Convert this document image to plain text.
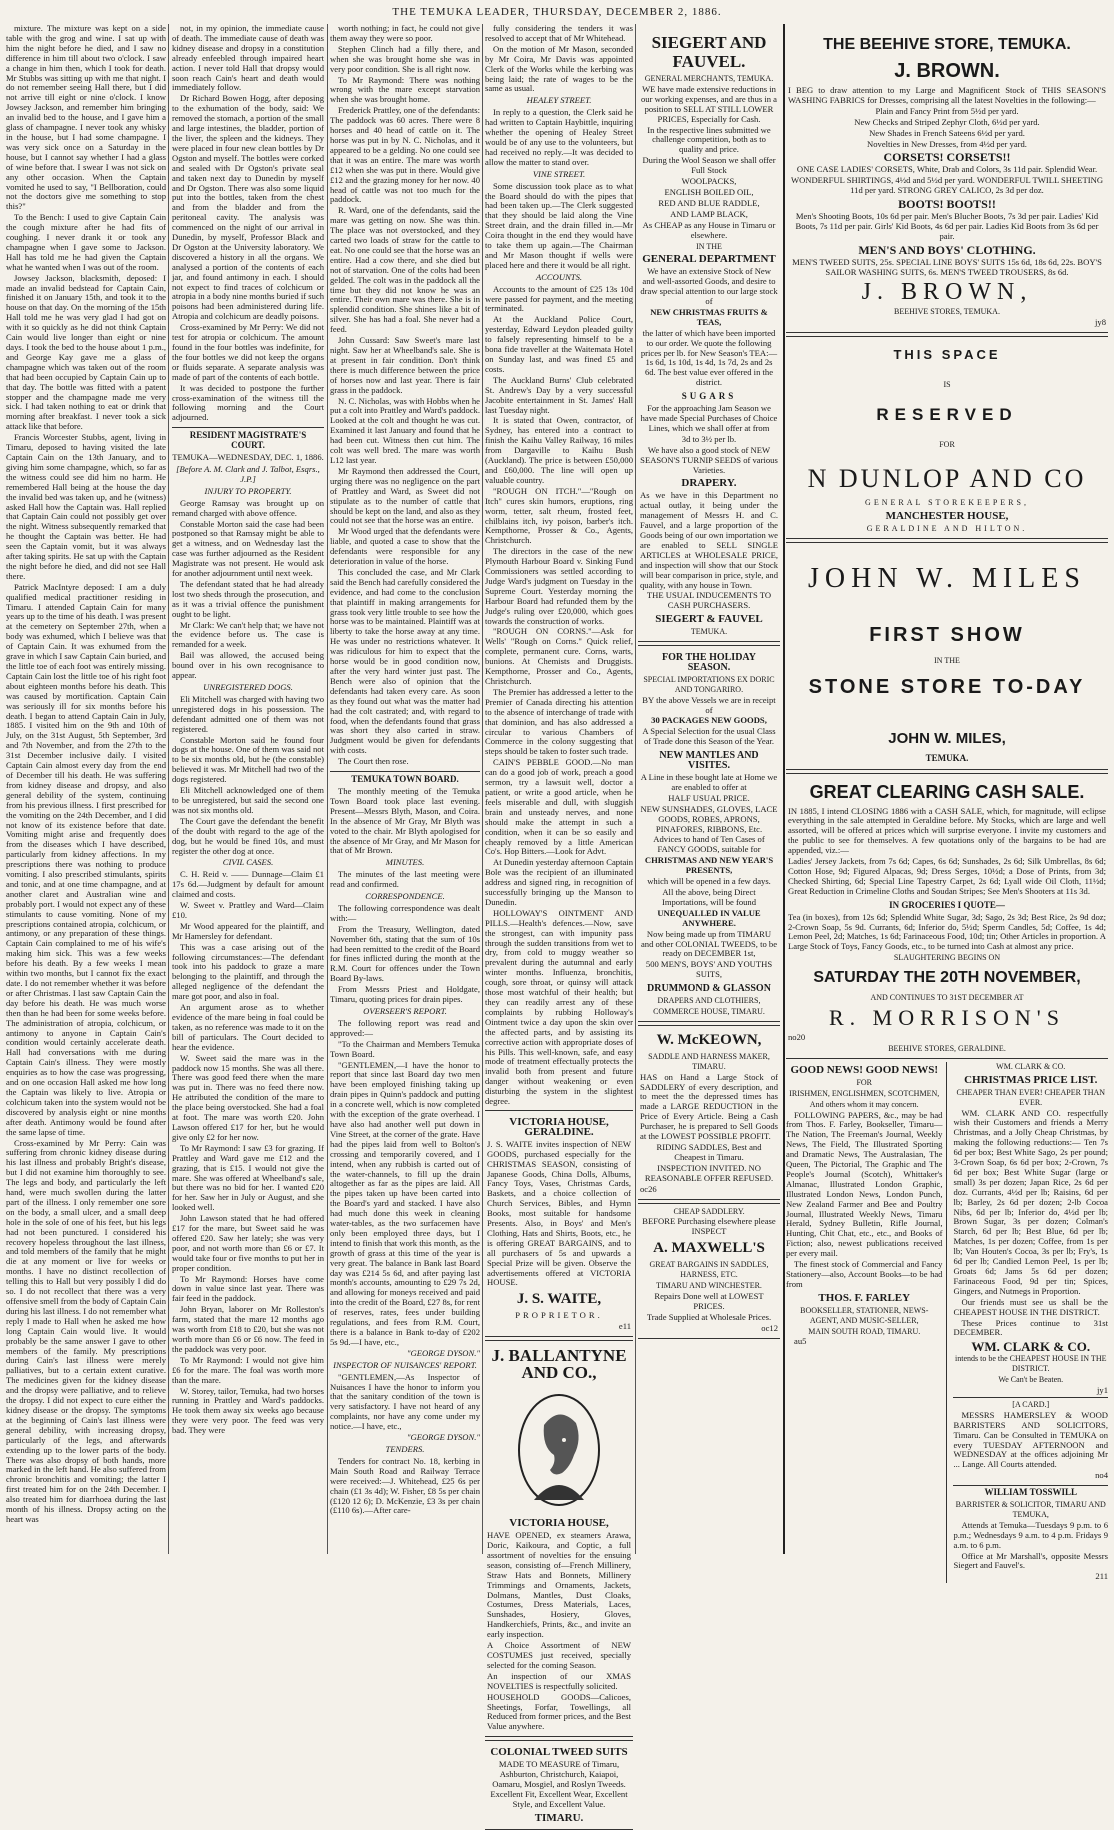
THE TEMUKA LEADER, THURSDAY, DECEMBER 2, 1886.

mixture. The mixture was kept on a side table with the grog and wine. I sat up with him the night before he died, and I saw no difference in him till about two o'clock. I saw a change in him then, which I took for death. Mr Stubbs was sitting up with me that night. I do not remember seeing Hall there, but I did not arrive till eight or nine o'clock. I know Jowsey Jackson, and remember him bringing an invalid bed to the house, and I gave him a glass of champagne. I never took any whisky in the house, but I had some champagne. I was very sick once on a Saturday in the house, but I cannot say whether I had a glass of wine before that. I swear I was not sick on any other occasion. When the Captain vomited he used to say, "I Bellboration, could not the doctors give me something to stop this?"

To the Bench: I used to give Captain Cain the cough mixture after he had fits of coughing. I never drank it or took any champagne when I gave some to Jackson. Hall has told me he had given the Captain what he wanted when I was out of the room.

Jowsey Jackson, blacksmith, deposed: I made an invalid bedstead for Captain Cain, finished it on January 15th, and took it to the house on that day. On the morning of the 15th Hall told me he was very glad I had got on with it so quickly as he did not think Captain Cain would live longer than eight or nine days. I took the bed to the house about 1 p.m., and George Kay gave me a glass of champagne which was taken out of the room that had been occupied by Captain Cain up to that day. The bottle was fitted with a patent stopper and the champagne made me very sick. I had taken nothing to eat or drink that morning after breakfast. I never took a sick attack like that before.

Francis Worcester Stubbs, agent, living in Timaru, deposed to having visited the late Captain Cain on the 13th January, and to giving him some champagne, which, so far as the witness could see did him no harm. He remembered Hall being at the house the day the invalid bed was taken up, and he (witness) asked Hall how the Captain was. Hall replied that Captain Cain could not possibly get over the night. Witness subsequently remarked that he thought the Captain was better. He had seen the Captain vomit, but it was always after taking spirits. He sat up with the Captain the night before he died, and did not see Hall there.

Patrick MacIntyre deposed: I am a duly qualified medical practitioner residing in Timaru. I attended Captain Cain for many years up to the time of his death. I was present at the cemetery on September 27th, when a body was exhumed, which I believe was that of Captain Cain. It was exhumed from the grave in which I saw Captain Cain buried, and the little toe of each foot was entirely missing. Captain Cain lost the little toe of his right foot about eighteen months before his death. This was caused by mortification. Captain Cain was seriously ill for six months before his death. I began to attend Captain Cain in July, 1885. I visited him on the 9th and 10th of July, on the 31st August, 5th September, 3rd and 7th November, and from the 27th to the 31st December inclusive daily. I visited Captain Cain almost every day from the end of December till his death. He was suffering from kidney disease and dropsy, and also general debility of the system, continuing from his previous illness. I first prescribed for the vomiting on the 24th December, and I did not know of its existence before that date. Vomiting might arise and frequently does from the diseases which I have described, particularly from kidney affections. In my prescriptions there was nothing to produce vomiting. I also prescribed stimulants, spirits and tonic, and at one time champagne, and at another claret and Australian wine and probably port. I would not expect any of these stimulants to cause vomiting. None of my prescriptions contained atropia, colchicum, or antimony, or any preparation of these things. Captain Cain complained to me of his wife's making him sick. This was a few weeks before his death. By a few weeks I mean within two months, but I cannot fix the exact date. I do not remember whether it was before or after Christmas. I last saw Captain Cain the day before his death. He was much worse then than he had been for some weeks before. The administration of atropia, colchicum, or antimony to anyone in Captain Cain's condition would certainly accelerate death. Hall had conversations with me during Captain Cain's illness. They were mostly enquiries as to how the case was progressing, and on one occasion Hall asked me how long the Captain was likely to live. Atropia or colchicum taken into the system would not be discovered by analysis eight or nine months after death. Antimony would be found after the same lapse of time.

Cross-examined by Mr Perry: Cain was suffering from chronic kidney disease during his last illness and probably Bright's disease, but I did not examine him thoroughly to see. The legs and body, and particularly the left hand, were much swollen during the latter part of the illness. I only remember one sore on the body, a small ulcer, and a small deep hole in the sole of one of his feet, but his legs had not been punctured. I considered his recovery hopeless throughout the last illness, and told members of the family that he might die at any moment or live for weeks or months. I have no distinct recollection of telling this to Hall but very possibly I did do so. I do not recollect that there was a very offensive smell from the body of Captain Cain during his last illness. I do not remember what reply I made to Hall when he asked me how long Captain Cain would live. It would probably be the same answer I gave to other members of the family. My prescriptions during Cain's last illness were merely palliatives, but to a certain extent curative. The medicines given for the kidney disease and the dropsy were palliative, and to relieve the dropsy. I did not expect to cure either the kidney disease or the dropsy. The symptoms at the beginning of Cain's last illness were general debility, with increasing dropsy, particularly of the legs, and afterwards extending up to the lower parts of the body. There was also dropsy of both hands, more marked in the left hand. He also suffered from chronic bronchitis and vomiting; the latter I first treated him for on the 24th December. I also treated him for diarrhoea during the last month of his illness. Dropsy acting on the heart was

not, in my opinion, the immediate cause of death. The immediate cause of death was kidney disease and dropsy in a constitution already enfeebled through impaired heart action. I never told Hall that dropsy would soon reach Cain's heart and death would immediately follow.

Dr Richard Bowen Hogg, after deposing to the exhumation of the body, said: We removed the stomach, a portion of the small and large intestines, the bladder, portion of the liver, the spleen and the kidneys. They were placed in four new clean bottles by Dr Ogston and myself. The bottles were corked and sealed with Dr Ogston's private seal and taken next day to Dunedin by myself and Dr Ogston. There was also some liquid put into the bottles, taken from the chest and from the bladder and from the peritoneal cavity. The analysis was commenced on the night of our arrival in Dunedin, by myself, Professor Black and Dr Ogston at the University laboratory. We discovered a history in all the organs. We analysed a portion of the contents of each jar, and found antimony in each. I should not expect to find traces of colchicum or atropia in a body nine months buried if such poisons had been administered during life. Atropia and colchicum are deadly poisons.

Cross-examined by Mr Perry: We did not test for atropia or colchicum. The amount found in the four bottles was indefinite, for the four bottles we did not keep the organs or fluids separate. A separate analysis was made of part of the contents of each bottle.

It was decided to postpone the further cross-examination of the witness till the following morning and the Court adjourned.

RESIDENT MAGISTRATE'S COURT.

TEMUKA—WEDNESDAY, DEC. 1, 1886.

[Before A. M. Clark and J. Talbot, Esqrs., J.P.]

INJURY TO PROPERTY.

George Ramsay was brought up on remand charged with above offence.

Constable Morton said the case had been postponed so that Ramsay might be able to get a witness, and on Wednesday last the case was further adjourned as the Resident Magistrate was not present. He would ask for another adjournment until next week.

The defendant stated that he had already lost two sheds through the prosecution, and as it was a trivial offence the punishment ought to be light.

Mr Clark: We can't help that; we have not the evidence before us. The case is remanded for a week.

Bail was allowed, the accused being bound over in his own recognisance to appear.

UNREGISTERED DOGS.

Eli Mitchell was charged with having two unregistered dogs in his possession. The defendant admitted one of them was not registered.

Constable Morton said he found four dogs at the house. One of them was said not to be six months old, but he (the constable) believed it was. Mr Mitchell had two of the dogs registered.

Eli Mitchell acknowledged one of them to be unregistered, but said the second one was not six months old.

The Court gave the defendant the benefit of the doubt with regard to the age of the dog, but he would be fined 10s, and must register the other dog at once.

CIVIL CASES.

C. H. Reid v. —— Dunnage—Claim £1 17s 6d.—Judgment by default for amount claimed and costs.

W. Sweet v. Prattley and Ward—Claim £10.

Mr Wood appeared for the plaintiff, and Mr Hamersley for defendant.

This was a case arising out of the following circumstances:—The defendant took into his paddock to graze a mare belonging to the plaintiff, and through the alleged negligence of the defendant the mare got poor, and also in foal.

An argument arose as to whether evidence of the mare being in foal could be taken, as no reference was made to it on the bill of particulars. The Court decided to hear the evidence.

W. Sweet said the mare was in the paddock now 15 months. She was all there. There was good feed there when the mare was put in. There was no feed there now. He attributed the condition of the mare to the place being overstocked. She had a foal at foot. The mare was worth £20. John Lawson offered £17 for her, but he would give only £2 for her now.

To Mr Raymond: I saw £3 for grazing. If Prattley and Ward gave me £12 and the grazing, that is £15. I would not give the mare. She was offered at Wheelband's sale, but there was no bid for her. I wanted £20 for her. Saw her in July or August, and she looked well.

John Lawson stated that he had offered £17 for the mare, but Sweet said he was offered £20. Saw her lately; she was very poor, and not worth more than £6 or £7. It would take four or five months to put her in proper condition.

To Mr Raymond: Horses have come down in value since last year. There was fair feed in the paddock.

John Bryan, laborer on Mr Rolleston's farm, stated that the mare 12 months ago was worth from £18 to £20, but she was not worth more than £6 or £6 now. The feed in the paddock was very poor.

To Mr Raymond: I would not give him £6 for the mare. The foal was worth more than the mare.

W. Storey, tailor, Temuka, had two horses running in Prattley and Ward's paddocks. He took them away six weeks ago because they were very poor. The feed was very bad. They were

worth nothing; in fact, he could not give them away they were so poor.

Stephen Clinch had a filly there, and when she was brought home she was in very poor condition. She is all right now.

To Mr Raymond: There was nothing wrong with the mare except starvation when she was brought home.

Frederick Prattley, one of the defendants: The paddock was 60 acres. There were 8 horses and 40 head of cattle on it. The horse was put in by N. C. Nicholas, and it appeared to be a gelding. No one could see that it was an entire. The mare was worth £12 when she was put in there. Would give £12 and the grazing money for her now. 40 head of cattle was not too much for the paddock.

R. Ward, one of the defendants, said the mare was getting on now. She was thin. The place was not overstocked, and they carted two loads of straw for the cattle to eat. No one could see that the horse was an entire. Had a cow there, and she died but not of starvation. One of the colts had been gelded. The colt was in the paddock all the time but they did not know he was an entire. Their own mare was there. She is in splendid condition. She shines like a bit of silver. She has had a foal. She never had a feed.

John Cussard: Saw Sweet's mare last night. Saw her at Wheelband's sale. She is at present in fair condition. Don't think there is much difference between the price of horses now and last year. There is fair grass in the paddock.

N. C. Nicholas, was with Hobbs when he put a colt into Prattley and Ward's paddock. Looked at the colt and thought he was cut. Examined it last January and found that he had been cut. Witness then cut him. The colt was well bred. The mare was worth L12 last year.

Mr Raymond then addressed the Court, urging there was no negligence on the part of Prattley and Ward, as Sweet did not stipulate as to the number of cattle that should be kept on the land, and also as they could not see that the horse was an entire.

Mr Wood urged that the defendants were liable, and quoted a case to show that the defendants were responsible for any deterioration in value of the horse.

This concluded the case, and Mr Clark said the Bench had carefully considered the evidence, and had come to the conclusion that plaintiff in making arrangements for grass took very little trouble to see how the horse was to be maintained. Plaintiff was at liberty to take the horse away at any time. He was under no restrictions whatever. It was ridiculous for him to expect that the horse would be in good condition now, after the very hard winter just past. The Bench were also of opinion that the defendants had taken every care. As soon as they found out what was the matter had had the colt castrated; and, with regard to food, when the defendants found that grass was short they also carted in straw. Judgment would be given for defendants with costs.

The Court then rose.

TEMUKA TOWN BOARD.

The monthly meeting of the Temuka Town Board took place last evening. Present—Messrs Blyth, Mason, and Coira. In the absence of Mr Gray, Mr Blyth was voted to the chair. Mr Blyth apologised for the absence of Mr Gray, and Mr Mason for that of Mr Brown.

MINUTES.

The minutes of the last meeting were read and confirmed.

CORRESPONDENCE.

The following correspondence was dealt with:—

From the Treasury, Wellington, dated November 6th, stating that the sum of 10s had been remitted to the credit of the Board for fines inflicted during the month at the R.M. Court for offences under the Town Board By-laws.

From Messrs Priest and Holdgate, Timaru, quoting prices for drain pipes.

OVERSEER'S REPORT.

The following report was read and approved:—

"To the Chairman and Members Temuka Town Board.

"GENTLEMEN,—I have the honor to report that since last Board day two men have been employed finishing taking up drain pipes in Quinn's paddock and putting in a concrete well, which is now completed with the exception of the grate overhead. I have also had another well put down in Vine Street, at the corner of the grate. Have had the pipes laid from well to Bolton's crossing and temporarily covered, and I intend, when any rubbish is carted out of the water-channels, to fill up the drain altogether as far as the pipes are laid. All the pipes taken up have been carted into the Board's yard and stacked. I have also had much done this week in cleaning water-tables, as the two surfacemen have only been employed three days, but I intend to finish that work this month, as the growth of grass at this time of the year is very great. The balance in Bank last Board day was £214 5s 6d, and after paying last month's accounts, amounting to £29 7s 2d, and allowing for moneys received and paid into the credit of the Board, £27 8s, for rent of reserves, rates, fees under building regulations, and fees from R.M. Court, there is a balance in Bank to-day of £202 5s 9d.—I have, etc.,

"GEORGE DYSON."

INSPECTOR OF NUISANCES' REPORT.

"GENTLEMEN,—As Inspector of Nuisances I have the honor to inform you that the sanitary condition of the town is very satisfactory. I have not heard of any complaints, nor have any come under my notice.—I have, etc.,

"GEORGE DYSON."

TENDERS.

Tenders for contract No. 18, kerbing in Main South Road and Railway Terrace were received:—J. Whitehead, £25 6s per chain (£1 3s 4d); W. Fisher, £8 5s per chain (£120 12 6); D. McKenzie, £3 3s per chain (£110 6s).—After care-

fully considering the tenders it was resolved to accept that of Mr Whitehead.

On the motion of Mr Mason, seconded by Mr Coira, Mr Davis was appointed Clerk of the Works while the kerbing was being laid; the rate of wages to be the same as usual.

HEALEY STREET.

In reply to a question, the Clerk said he had written to Captain Haybittle, inquiring whether the opening of Healey Street would be of any use to the volunteers, but had received no reply.—It was decided to allow the matter to stand over.

VINE STREET.

Some discussion took place as to what the Board should do with the pipes that had been taken up.—The Clerk suggested that they should be laid along the Vine Street drain, and the drain filled in.—Mr Coira thought in the end they would have to take them up again.—The Chairman and Mr Mason thought if wells were placed here and there it would be all right.

ACCOUNTS.

Accounts to the amount of £25 13s 10d were passed for payment, and the meeting terminated.

At the Auckland Police Court, yesterday, Edward Leydon pleaded guilty to falsely representing himself to be a bona fide traveller at the Waitemata Hotel on Sunday last, and was fined £5 and costs.

The Auckland Burns' Club celebrated St. Andrew's Day by a very successful Jacobite entertainment in St. James' Hall last Tuesday night.

It is stated that Owen, contractor, of Sydney, has entered into a contract to finish the Kaihu Valley Railway, 16 miles from Dargaville to Kaihu Bush (Auckland). The price is between £50,000 and £60,000. The line will open up valuable country.

"ROUGH ON ITCH."—"Rough on Itch" cures skin humors, eruptions, ring worm, tetter, salt rheum, frosted feet, chilblains itch, ivy poison, barber's itch. Kempthorne, Prosser & Co., Agents, Christchurch.

The directors in the case of the new Plymouth Harbour Board v. Sinking Fund Commissioners was settled according to Judge Ward's judgment on Tuesday in the Supreme Court. Yesterday morning the Harbour Board had refunded them by the Judge's ruling over £20,000, which goes towards the construction of works.

"ROUGH ON CORNS."—Ask for Wells' "Rough on Corns." Quick relief, complete, permanent cure. Corns, warts, bunions. At Chemists and Druggists. Kempthorne, Prosser and Co., Agents, Christchurch.

The Premier has addressed a letter to the Premier of Canada directing his attention to the absence of interchange of trade with that dominion, and has also addressed a circular to various Chambers of Commerce in the colony suggesting that steps should be taken to foster such trade.

CAIN'S PEBBLE GOOD.—No man can do a good job of work, preach a good sermon, try a lawsuit well, doctor a patient, or write a good article, when he feels miserable and dull, with sluggish brain and unsteady nerves, and none should make the attempt in such a condition, when it can be so easily and cheaply removed by a little American Co's. Hop Bitters.—Look for Advt.

At Dunedin yesterday afternoon Captain Bole was the recipient of an illuminated address and signed ring, in recognition of successfully bringing up the Manson to Dunedin.

HOLLOWAY'S OINTMENT AND PILLS.—Health's defences.—Now, save the strongest, can with impunity pass through the sudden transitions from wet to dry, from cold to muggy weather so prevalent during the autumnal and early winter months. Influenza, bronchitis, cough, sore throat, or quinsy will attack those most watchful of their health; but they can readily arrest any of these complaints by rubbing Holloway's Ointment twice a day upon the skin over the affected parts, and by assisting its corrective action with appropriate doses of his Pills. This well-known, safe, and easy mode of treatment effectually protects the invalid both from present and future danger without weakening or even disturbing the system in the slightest degree.

VICTORIA HOUSE, GERALDINE.

J. S. WAITE invites inspection of NEW GOODS, purchased especially for the CHRISTMAS SEASON, consisting of Japanese Goods, China Dolls, Albums, Fancy Toys, Vases, Christmas Cards, Baskets, and a choice collection of Church Services, Bibles, and Hymn Books, most suitable for handsome Presents. Also, in Boys' and Men's Clothing, Hats and Shirts, Boots, etc., he is offering GREAT BARGAINS, and to all purchasers of 5s and upwards a Special Prize will be given. Observe the advertisements offered at VICTORIA HOUSE.

J. S. WAITE,

PROPRIETOR.

e11

J. BALLANTYNE AND CO.,

VICTORIA HOUSE,

HAVE OPENED, ex steamers Arawa, Doric, Kaikoura, and Coptic, a full assortment of novelties for the ensuing season, consisting of—French Millinery, Straw Hats and Bonnets, Millinery Trimmings and Ornaments, Jackets, Dolmans, Mantles, Dust Cloaks, Costumes, Dress Materials, Laces, Sunshades, Hosiery, Gloves, Handkerchiefs, Prints, &c., and invite an early inspection.

A Choice Assortment of NEW COSTUMES just received, specially selected for the coming Season.

An inspection of our XMAS NOVELTIES is respectfully solicited.

HOUSEHOLD GOODS—Calicoes, Sheetings, Forfar, Towellings, all Reduced from former prices, and the Best Value anywhere.

COLONIAL TWEED SUITS

MADE TO MEASURE of Timaru, Ashburton, Christchurch, Kaiapoi, Oamaru, Mosgiel, and Roslyn Tweeds. Excellent Fit, Excellent Wear, Excellent Style, and Excellent Value.

TIMARU.

SIEGERT AND FAUVEL.

GENERAL MERCHANTS, TEMUKA.

WE have made extensive reductions in our working expenses, and are thus in a position to SELL AT STILL LOWER PRICES, Especially for Cash.

In the respective lines submitted we challenge competition, both as to quality and price.

During the Wool Season we shall offer Full Stock

WOOLPACKS,

ENGLISH BOILED OIL,

RED AND BLUE RADDLE,

AND LAMP BLACK,

As CHEAP as any House in Timaru or elsewhere.

IN THE

GENERAL DEPARTMENT

We have an extensive Stock of New and well-assorted Goods, and desire to draw special attention to our large stock of

NEW CHRISTMAS FRUITS & TEAS,

the latter of which have been imported to our order. We quote the following prices per lb. for New Season's TEA:— 1s 6d, 1s 10d, 1s 4d, 1s 7d, 2s and 2s 6d. The best value ever offered in the district.

SUGARS

For the approaching Jam Season we have made Special Purchases of Choice Lines, which we shall offer at from

3d to 3½ per lb.

We have also a good stock of NEW SEASON'S TURNIP SEEDS of various Varieties.

DRAPERY.

As we have in this Department no actual outlay, it being under the management of Messrs H. and C. Fauvel, and a large proportion of the Goods being of our own importation we are enabled to SELL SINGLE ARTICLES at WHOLESALE PRICE, and inspection will show that our Stock will bear comparison in price, style, and quality, with any house in Town.

THE USUAL INDUCEMENTS TO CASH PURCHASERS.

SIEGERT & FAUVEL

TEMUKA.

FOR THE HOLIDAY SEASON.

SPECIAL IMPORTATIONS EX DORIC AND TONGARIRO.

BY the above Vessels we are in receipt of

30 PACKAGES NEW GOODS,

A Special Selection for the usual Class of Trade done this Season of the Year.

NEW MANTLES AND VISITES.

A Line in these bought late at Home we are enabled to offer at

HALF USUAL PRICE.

NEW SUNSHADES, GLOVES, LACE GOODS, ROBES, APRONS, PINAFORES, RIBBONS, Etc.

Advices to hand of Ten Cases of FANCY GOODS, suitable for

CHRISTMAS AND NEW YEAR'S PRESENTS,

which will be opened in a few days.

All the above, being Direct Importations, will be found

UNEQUALLED IN VALUE ANYWHERE.

Now being made up from TIMARU and other COLONIAL TWEEDS, to be ready on DECEMBER 1st,

500 MEN'S, BOYS' AND YOUTHS SUITS,

DRUMMOND & GLASSON

DRAPERS AND CLOTHIERS,

COMMERCE HOUSE, TIMARU.

W. McKEOWN,

SADDLE AND HARNESS MAKER, TIMARU.

HAS on Hand a Large Stock of SADDLERY of every description, and to meet the the depressed times has made a LARGE REDUCTION in the Price of Every Article. Being a Cash Purchaser, he is prepared to Sell Goods at the LOWEST POSSIBLE PROFIT.

RIDING SADDLES, Best and Cheapest in Timaru.

INSPECTION INVITED. NO REASONABLE OFFER REFUSED.

oc26

CHEAP SADDLERY.

BEFORE Purchasing elsewhere please INSPECT

A. MAXWELL'S

GREAT BARGAINS IN SADDLES, HARNESS, ETC.

TIMARU AND WINCHESTER.

Repairs Done well at LOWEST PRICES.

Trade Supplied at Wholesale Prices.

oc12

THE BEEHIVE STORE, TEMUKA.

J. BROWN.

I BEG to draw attention to my Large and Magnificent Stock of THIS SEASON'S WASHING FABRICS for Dresses, comprising all the latest Novelties in the following:—

Plain and Fancy Print from 5½d per yard.

New Checks and Striped Zephyr Cloth, 6½d per yard.

New Shades in French Sateens 6½d per yard.

Novelties in New Dresses, from 4½d per yard.

CORSETS! CORSETS!!

ONE CASE LADIES' CORSETS, White, Drab and Colors, 3s 11d pair. Splendid Wear.

WONDERFUL SHIRTINGS, 4½d and 5½d per yard. WONDERFUL TWILL SHEETING 11d per yard. STRONG GREY CALICO, 2s 3d per doz.

BOOTS! BOOTS!!

Men's Shooting Boots, 10s 6d per pair. Men's Blucher Boots, 7s 3d per pair. Ladies' Kid Boots, 7s 11d per pair. Girls' Kid Boots, 4s 6d per pair. Ladies Kid Boots from 3s 6d per pair.

MEN'S AND BOYS' CLOTHING.

MEN'S TWEED SUITS, 25s. SPECIAL LINE BOYS' SUITS 15s 6d, 18s 6d, 22s. BOY'S SAILOR WASHING SUITS, 6s. MEN'S TWEED TROUSERS, 8s 6d.

J. BROWN,

BEEHIVE STORES, TEMUKA.

jy8

THIS SPACE

IS

RESERVED

FOR

N DUNLOP AND CO

GENERAL STOREKEEPERS,

MANCHESTER HOUSE,

GERALDINE AND HILTON.

JOHN W. MILES

FIRST SHOW

IN THE

STONE STORE TO-DAY

JOHN W. MILES,

TEMUKA.

GREAT CLEARING CASH SALE.

IN 1885, I intend CLOSING 1886 with a CASH SALE, which, for magnitude, will eclipse everything in the sale attempted in Geraldine before. My Stocks, which are large and well assorted, will be offered at prices which will surprise everyone. I invite my customers and the public to see for themselves. A few quotations only of the bargains to be had are appended, viz.:—

Ladies' Jersey Jackets, from 7s 6d; Capes, 6s 6d; Sunshades, 2s 6d; Silk Umbrellas, 8s 6d; Cotton Hose, 9d; Figured Alpacas, 9d; Dress Serges, 10½d; a Dose of Prints, from 3d; Checked Shirting, 6d; Special Line Tapestry Carpet, 2s 6d; Lyall wide Oil Cloth, 11½d; Great Reduction in Crimeline Cloths and Soudan Stripes; See Men's Shooters at 11s 3d.

IN GROCERIES I QUOTE—

Tea (in boxes), from 12s 6d; Splendid White Sugar, 3d; Sago, 2s 3d; Best Rice, 2s 9d doz; 2-Crown Soap, 5s 9d. Currants, 6d; Inferior do, 5½d; Sperm Candles, 5d; Coffee, 1s 4d; Lemon Peel, 2d; Matches, 1s 6d; Farinaceous Food, 10d; tin; Other Articles in proportion. A Large Stock of Toys, Fancy Goods, etc., to be turned into Cash at almost any price.

SLAUGHTERING BEGINS ON

SATURDAY THE 20TH NOVEMBER,

AND CONTINUES TO 31ST DECEMBER AT

R. MORRISON'S

no20

BEEHIVE STORES, GERALDINE.

GOOD NEWS! GOOD NEWS!

FOR

IRISHMEN, ENGLISHMEN, SCOTCHMEN,

And others whom it may concern.

FOLLOWING PAPERS, &c., may be had from Thos. F. Farley, Bookseller, Timaru—The Nation, The Freeman's Journal, Weekly News, The Field, The Illustrated Sporting and Dramatic News, The Australasian, The Queen, The Pictorial, The Graphic and The People's Journal (Scotch), Whittaker's Almanac, Illustrated London Graphic, Illustrated London News, London Punch, New Zealand Farmer and Bee and Poultry Journal, Illustrated Weekly News, Timaru Herald, Sydney Bulletin, Rifle Journal, Hunting, Chit Chat, etc., etc., and Books of Fiction; also, newest publications received per every mail.

The finest stock of Commercial and Fancy Stationery—also, Account Books—to be had from

THOS. F. FARLEY

BOOKSELLER, STATIONER, NEWS-AGENT, AND MUSIC-SELLER,

MAIN SOUTH ROAD, TIMARU.

au5

WM. CLARK & CO.

CHRISTMAS PRICE LIST.

CHEAPER THAN EVER! CHEAPER THAN EVER.

WM. CLARK AND CO. respectfully wish their Customers and friends a Merry Christmas, and a Jolly Cheap Christmas, by making the following reductions:— Ten 7s 6d per box; Best White Sago, 2s per pound; 3-Crown Soap, 6s 6d per box; 2-Crown, 7s 6d per box; Best White Sugar (large or small) 3s per dozen; Japan Rice, 2s 6d per doz. Currants, 4½d per lb; Raisins, 6d per lb; Barley, 2s 6d per dozen; 2-lb Cocoa Nibs, 6d per lb; Inferior do, 4½d per lb; Brown Sugar, 3s per dozen; Colman's Starch, 6d per lb; Best Blue, 6d per lb; Matches, 1s per dozen; Coffee, from 1s per lb; Van Houten's Cocoa, 3s per lb; Fry's, 1s 6d per lb; Candied Lemon Peel, 1s per lb; Groats 6d; Jams 5s 6d per dozen; Farinaceous Food, 9d per tin; Spices, Gingers, and Nutmegs in Proportion.

Our friends must see us shall be the CHEAPEST HOUSE IN THE DISTRICT.

These Prices continue to 31st DECEMBER.

WM. CLARK & CO.

intends to be the CHEAPEST HOUSE IN THE DISTRICT.

We Can't be Beaten.

jy1

[A CARD.]

MESSRS HAMERSLEY & WOOD BARRISTERS AND SOLICITORS, Timaru. Can be Consulted in TEMUKA on every TUESDAY AFTERNOON and WEDNESDAY at the offices adjoining Mr ... Lange. All Courts attended.

no4

WILLIAM TOSSWILL

BARRISTER & SOLICITOR, TIMARU AND TEMUKA,

Attends at Temuka—Tuesdays 9 p.m. to 6 p.m.; Wednesdays 9 a.m. to 4 p.m. Fridays 9 a.m. to 6 p.m.

Office at Mr Marshall's, opposite Messrs Siegert and Fauvel's.

211
